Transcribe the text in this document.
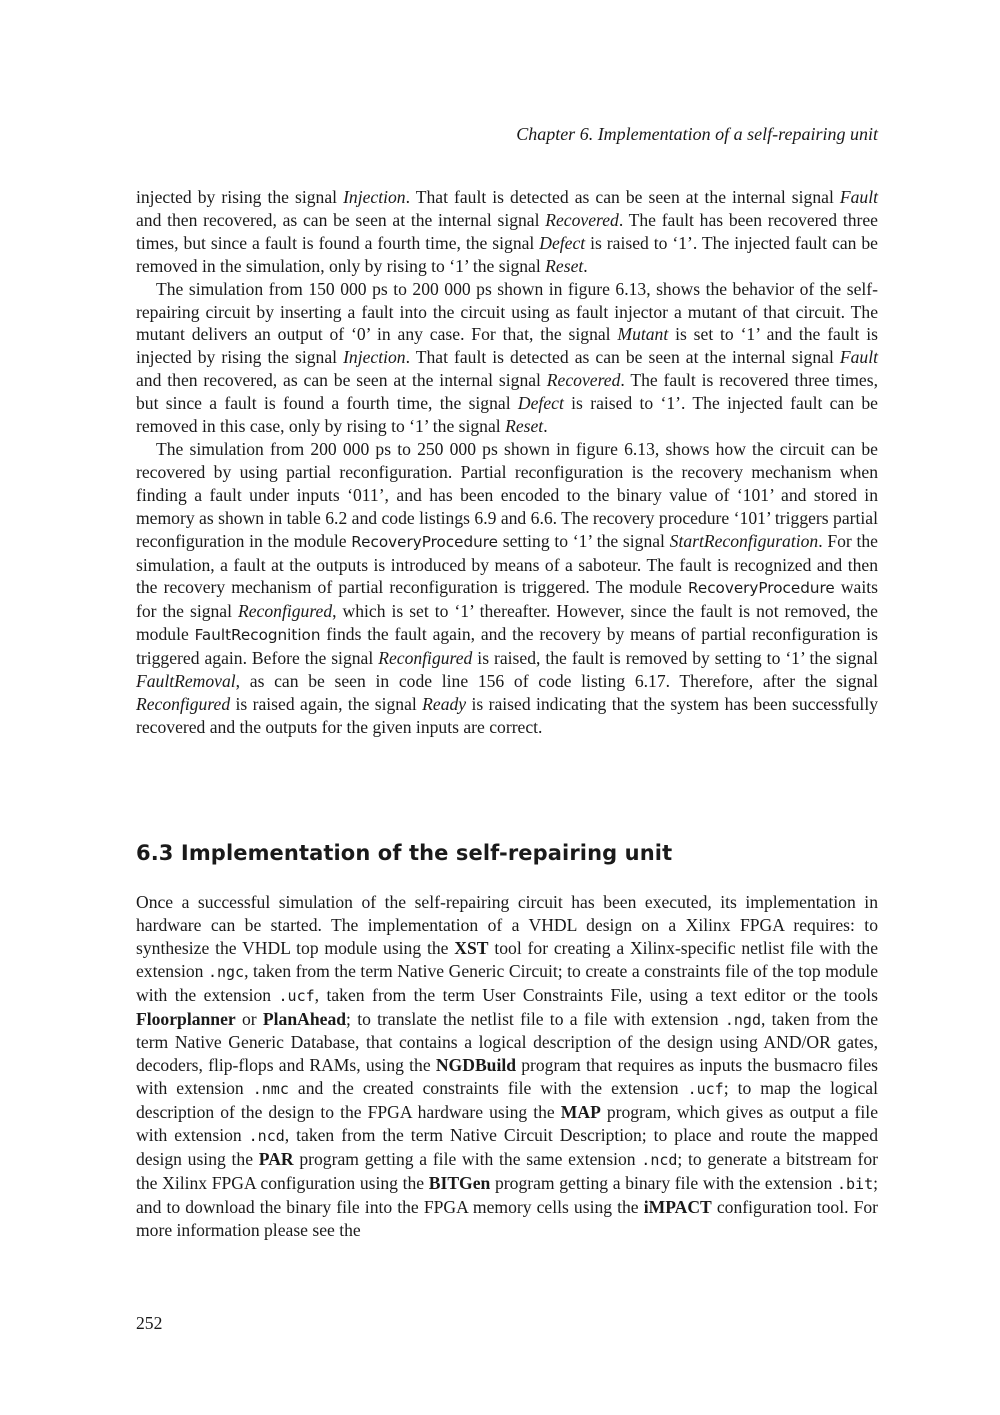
Chapter 6. Implementation of a self-repairing unit

injected by rising the signal Injection. That fault is detected as can be seen at the internal signal Fault and then recovered, as can be seen at the internal signal Recovered. The fault has been recovered three times, but since a fault is found a fourth time, the signal Defect is raised to ‘1’. The injected fault can be removed in the simulation, only by rising to ‘1’ the signal Reset.

The simulation from 150 000 ps to 200 000 ps shown in figure 6.13, shows the behavior of the self-repairing circuit by inserting a fault into the circuit using as fault injector a mutant of that circuit. The mutant delivers an output of ‘0’ in any case. For that, the signal Mutant is set to ‘1’ and the fault is injected by rising the signal Injection. That fault is detected as can be seen at the internal signal Fault and then recovered, as can be seen at the internal signal Recovered. The fault is recovered three times, but since a fault is found a fourth time, the signal Defect is raised to ‘1’. The injected fault can be removed in this case, only by rising to ‘1’ the signal Reset.

The simulation from 200 000 ps to 250 000 ps shown in figure 6.13, shows how the circuit can be recovered by using partial reconfiguration. Partial reconfiguration is the recovery mechanism when finding a fault under inputs ‘011’, and has been encoded to the binary value of ‘101’ and stored in memory as shown in table 6.2 and code listings 6.9 and 6.6. The recovery procedure ‘101’ triggers partial reconfiguration in the module RecoveryProcedure setting to ‘1’ the signal StartReconfiguration. For the simulation, a fault at the outputs is introduced by means of a saboteur. The fault is recognized and then the recovery mechanism of partial reconfiguration is triggered. The module RecoveryProcedure waits for the signal Reconfigured, which is set to ‘1’ thereafter. However, since the fault is not removed, the module FaultRecognition finds the fault again, and the recovery by means of partial reconfiguration is triggered again. Before the signal Reconfigured is raised, the fault is removed by setting to ‘1’ the signal FaultRemoval, as can be seen in code line 156 of code listing 6.17. Therefore, after the signal Reconfigured is raised again, the signal Ready is raised indicating that the system has been successfully recovered and the outputs for the given inputs are correct.

6.3 Implementation of the self-repairing unit

Once a successful simulation of the self-repairing circuit has been executed, its implementation in hardware can be started. The implementation of a VHDL design on a Xilinx FPGA requires: to synthesize the VHDL top module using the XST tool for creating a Xilinx-specific netlist file with the extension .ngc, taken from the term Native Generic Circuit; to create a constraints file of the top module with the extension .ucf, taken from the term User Constraints File, using a text editor or the tools Floorplanner or PlanAhead; to translate the netlist file to a file with extension .ngd, taken from the term Native Generic Database, that contains a logical description of the design using AND/OR gates, decoders, flip-flops and RAMs, using the NGDBuild program that requires as inputs the busmacro files with extension .nmc and the created constraints file with the extension .ucf; to map the logical description of the design to the FPGA hardware using the MAP program, which gives as output a file with extension .ncd, taken from the term Native Circuit Description; to place and route the mapped design using the PAR program getting a file with the same extension .ncd; to generate a bitstream for the Xilinx FPGA configuration using the BITGen program getting a binary file with the extension .bit; and to download the binary file into the FPGA memory cells using the iMPACT configuration tool. For more information please see the

252
